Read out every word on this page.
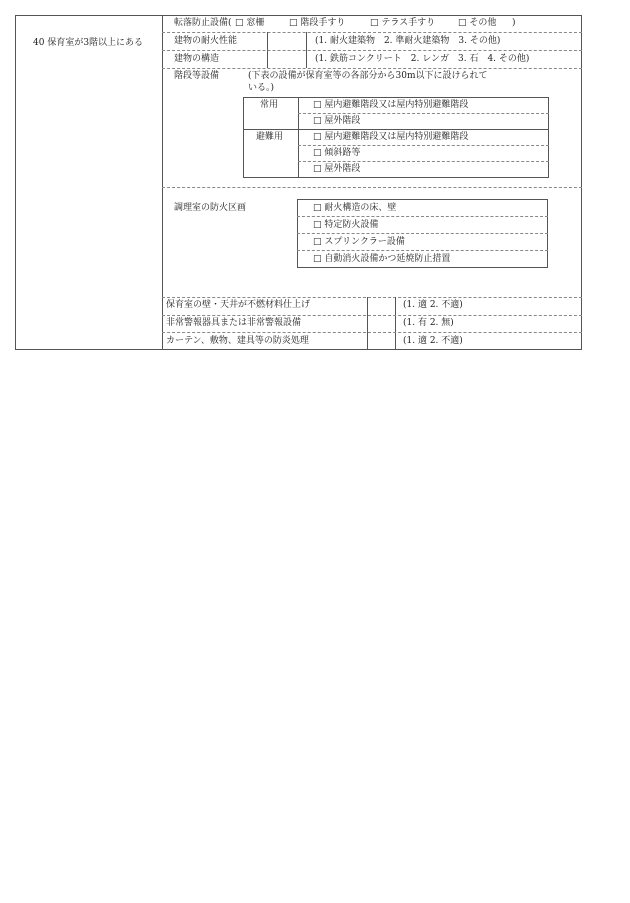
40 保育室が3階以上にある
転落防止設備( □ 窓柵	□ 階段手すり	□ テラス手すり	□ その他 )
建物の耐火性能	(1. 耐火建築物　2. 準耐火建築物　3. その他)
建物の構造	(1. 鉄筋コンクリート　2. レンガ　3. 石　4. その他)
階段等設備	(下表の設備が保育室等の各部分から30m以下に設けられて
いる。)
常用	□ 屋内避難階段又は屋内特別避難階段
□ 屋外階段
避難用	□ 屋内避難階段又は屋内特別避難階段
□ 傾斜路等
□ 屋外階段
調理室の防火区画	□ 耐火構造の床、壁
□ 特定防火設備
□ スプリンクラー設備
□ 自動消火設備かつ延焼防止措置
保育室の壁・天井が不燃材料仕上げ	(1. 適 2. 不適)
非常警報器具または非常警報設備	(1. 有 2. 無)
カーテン、敷物、建具等の防炎処理	(1. 適 2. 不適)
